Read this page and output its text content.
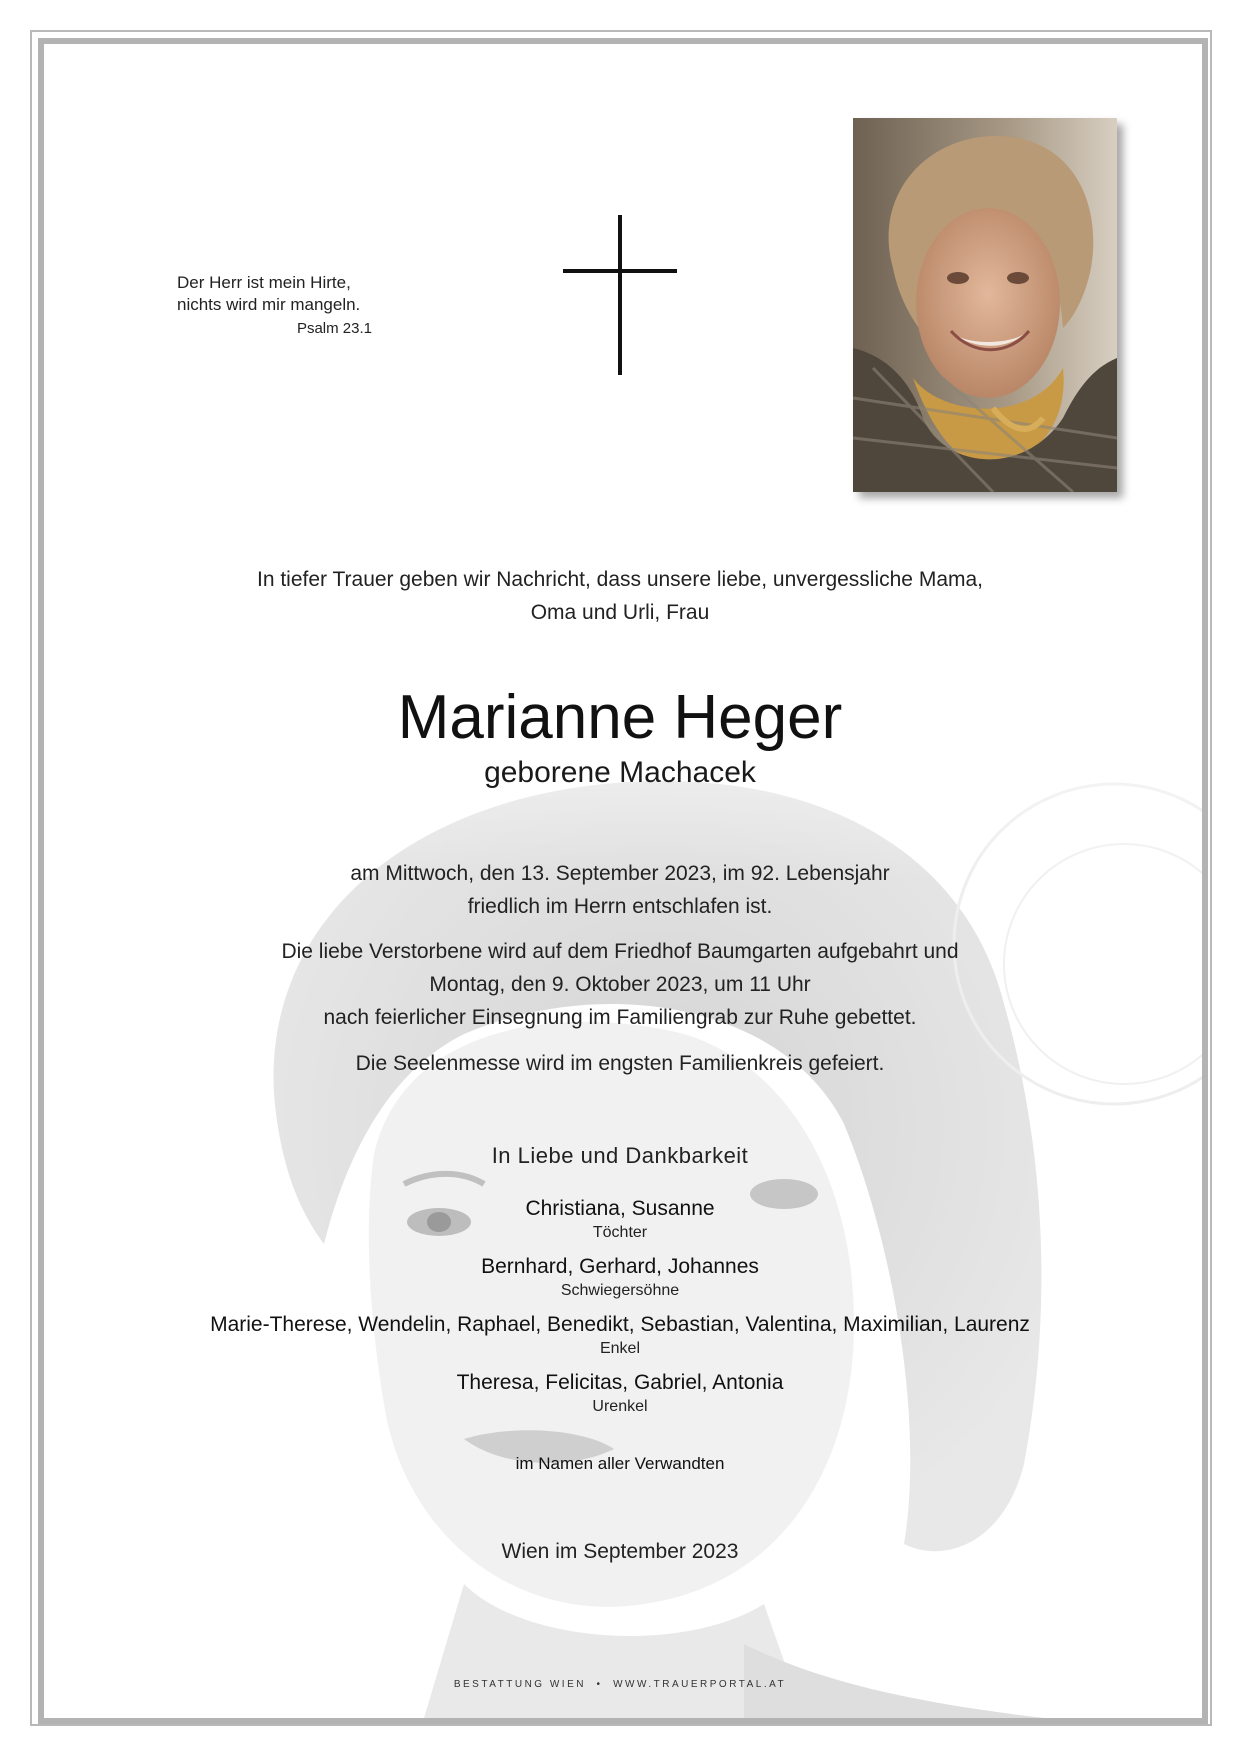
Der Herr ist mein Hirte,
nichts wird mir mangeln.
Psalm 23.1
In tiefer Trauer geben wir Nachricht, dass unsere liebe, unvergessliche Mama,
Oma und Urli, Frau
Marianne Heger
geborene Machacek
am Mittwoch, den 13. September 2023, im 92. Lebensjahr
friedlich im Herrn entschlafen ist.
Die liebe Verstorbene wird auf dem Friedhof Baumgarten aufgebahrt und
Montag, den 9. Oktober 2023, um 11 Uhr
nach feierlicher Einsegnung im Familiengrab zur Ruhe gebettet.
Die Seelenmesse wird im engsten Familienkreis gefeiert.
In Liebe und Dankbarkeit
Christiana, Susanne
Töchter
Bernhard, Gerhard, Johannes
Schwiegersöhne
Marie-Therese, Wendelin, Raphael, Benedikt, Sebastian, Valentina, Maximilian, Laurenz
Enkel
Theresa, Felicitas, Gabriel, Antonia
Urenkel
im Namen aller Verwandten
Wien im September 2023
BESTATTUNG WIEN  •  WWW.TRAUERPORTAL.AT
